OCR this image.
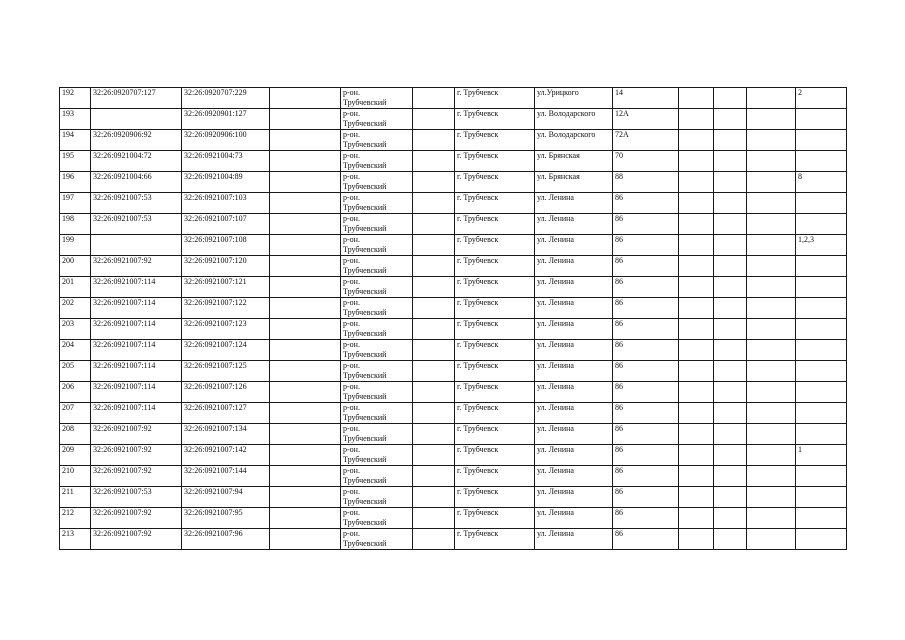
192	32:26:0920707:127	32:26:0920707:229		р-он.
Трубчевский		г. Трубчевск	ул.Урицкого	14				2
193		32:26:0920901:127		р-он.
Трубчевский		г. Трубчевск	ул. Володарского	12А				
194	32:26:0920906:92	32:26:0920906:100		р-он.
Трубчевский		г. Трубчевск	ул. Володарского	72А				
195	32:26:0921004:72	32:26:0921004:73		р-он.
Трубчевский		г. Трубчевск	ул. Брянская	70				
196	32:26:0921004:66	32:26:0921004:89		р-он.
Трубчевский		г. Трубчевск	ул. Брянская	88				8
197	32:26:0921007:53	32:26:0921007:103		р-он.
Трубчевский		г. Трубчевск	ул. Ленина	86				
198	32:26:0921007:53	32:26:0921007:107		р-он.
Трубчевский		г. Трубчевск	ул. Ленина	86				
199		32:26:0921007:108		р-он.
Трубчевский		г. Трубчевск	ул. Ленина	86				1,2,3
200	32:26:0921007:92	32:26:0921007:120		р-он.
Трубчевский		г. Трубчевск	ул. Ленина	86				
201	32:26:0921007:114	32:26:0921007:121		р-он.
Трубчевский		г. Трубчевск	ул. Ленина	86				
202	32:26:0921007:114	32:26:0921007:122		р-он.
Трубчевский		г. Трубчевск	ул. Ленина	86				
203	32:26:0921007:114	32:26:0921007:123		р-он.
Трубчевский		г. Трубчевск	ул. Ленина	86				
204	32:26:0921007:114	32:26:0921007:124		р-он.
Трубчевский		г. Трубчевск	ул. Ленина	86				
205	32:26:0921007:114	32:26:0921007:125		р-он.
Трубчевский		г. Трубчевск	ул. Ленина	86				
206	32:26:0921007:114	32:26:0921007:126		р-он.
Трубчевский		г. Трубчевск	ул. Ленина	86				
207	32:26:0921007:114	32:26:0921007:127		р-он.
Трубчевский		г. Трубчевск	ул. Ленина	86				
208	32:26:0921007:92	32:26:0921007:134		р-он.
Трубчевский		г. Трубчевск	ул. Ленина	86				
209	32:26:0921007:92	32:26:0921007:142		р-он.
Трубчевский		г. Трубчевск	ул. Ленина	86				1
210	32:26:0921007:92	32:26:0921007:144		р-он.
Трубчевский		г. Трубчевск	ул. Ленина	86				
211	32:26:0921007:53	32:26:0921007:94		р-он.
Трубчевский		г. Трубчевск	ул. Ленина	86				
212	32:26:0921007:92	32:26:0921007:95		р-он.
Трубчевский		г. Трубчевск	ул. Ленина	86				
213	32:26:0921007:92	32:26:0921007:96		р-он.
Трубчевский		г. Трубчевск	ул. Ленина	86				
